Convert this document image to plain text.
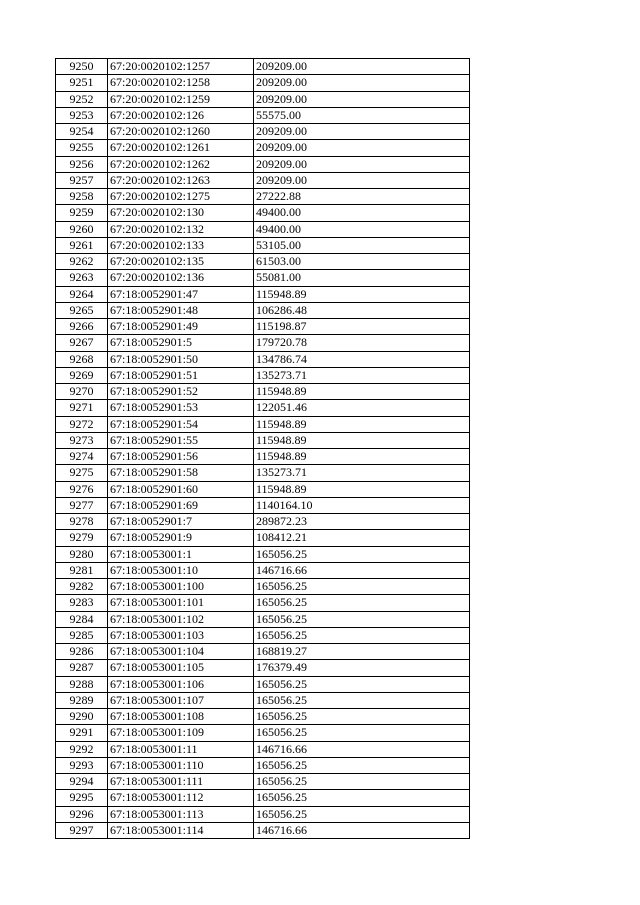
9250	67:20:0020102:1257	209209.00
9251	67:20:0020102:1258	209209.00
9252	67:20:0020102:1259	209209.00
9253	67:20:0020102:126	55575.00
9254	67:20:0020102:1260	209209.00
9255	67:20:0020102:1261	209209.00
9256	67:20:0020102:1262	209209.00
9257	67:20:0020102:1263	209209.00
9258	67:20:0020102:1275	27222.88
9259	67:20:0020102:130	49400.00
9260	67:20:0020102:132	49400.00
9261	67:20:0020102:133	53105.00
9262	67:20:0020102:135	61503.00
9263	67:20:0020102:136	55081.00
9264	67:18:0052901:47	115948.89
9265	67:18:0052901:48	106286.48
9266	67:18:0052901:49	115198.87
9267	67:18:0052901:5	179720.78
9268	67:18:0052901:50	134786.74
9269	67:18:0052901:51	135273.71
9270	67:18:0052901:52	115948.89
9271	67:18:0052901:53	122051.46
9272	67:18:0052901:54	115948.89
9273	67:18:0052901:55	115948.89
9274	67:18:0052901:56	115948.89
9275	67:18:0052901:58	135273.71
9276	67:18:0052901:60	115948.89
9277	67:18:0052901:69	1140164.10
9278	67:18:0052901:7	289872.23
9279	67:18:0052901:9	108412.21
9280	67:18:0053001:1	165056.25
9281	67:18:0053001:10	146716.66
9282	67:18:0053001:100	165056.25
9283	67:18:0053001:101	165056.25
9284	67:18:0053001:102	165056.25
9285	67:18:0053001:103	165056.25
9286	67:18:0053001:104	168819.27
9287	67:18:0053001:105	176379.49
9288	67:18:0053001:106	165056.25
9289	67:18:0053001:107	165056.25
9290	67:18:0053001:108	165056.25
9291	67:18:0053001:109	165056.25
9292	67:18:0053001:11	146716.66
9293	67:18:0053001:110	165056.25
9294	67:18:0053001:111	165056.25
9295	67:18:0053001:112	165056.25
9296	67:18:0053001:113	165056.25
9297	67:18:0053001:114	146716.66
